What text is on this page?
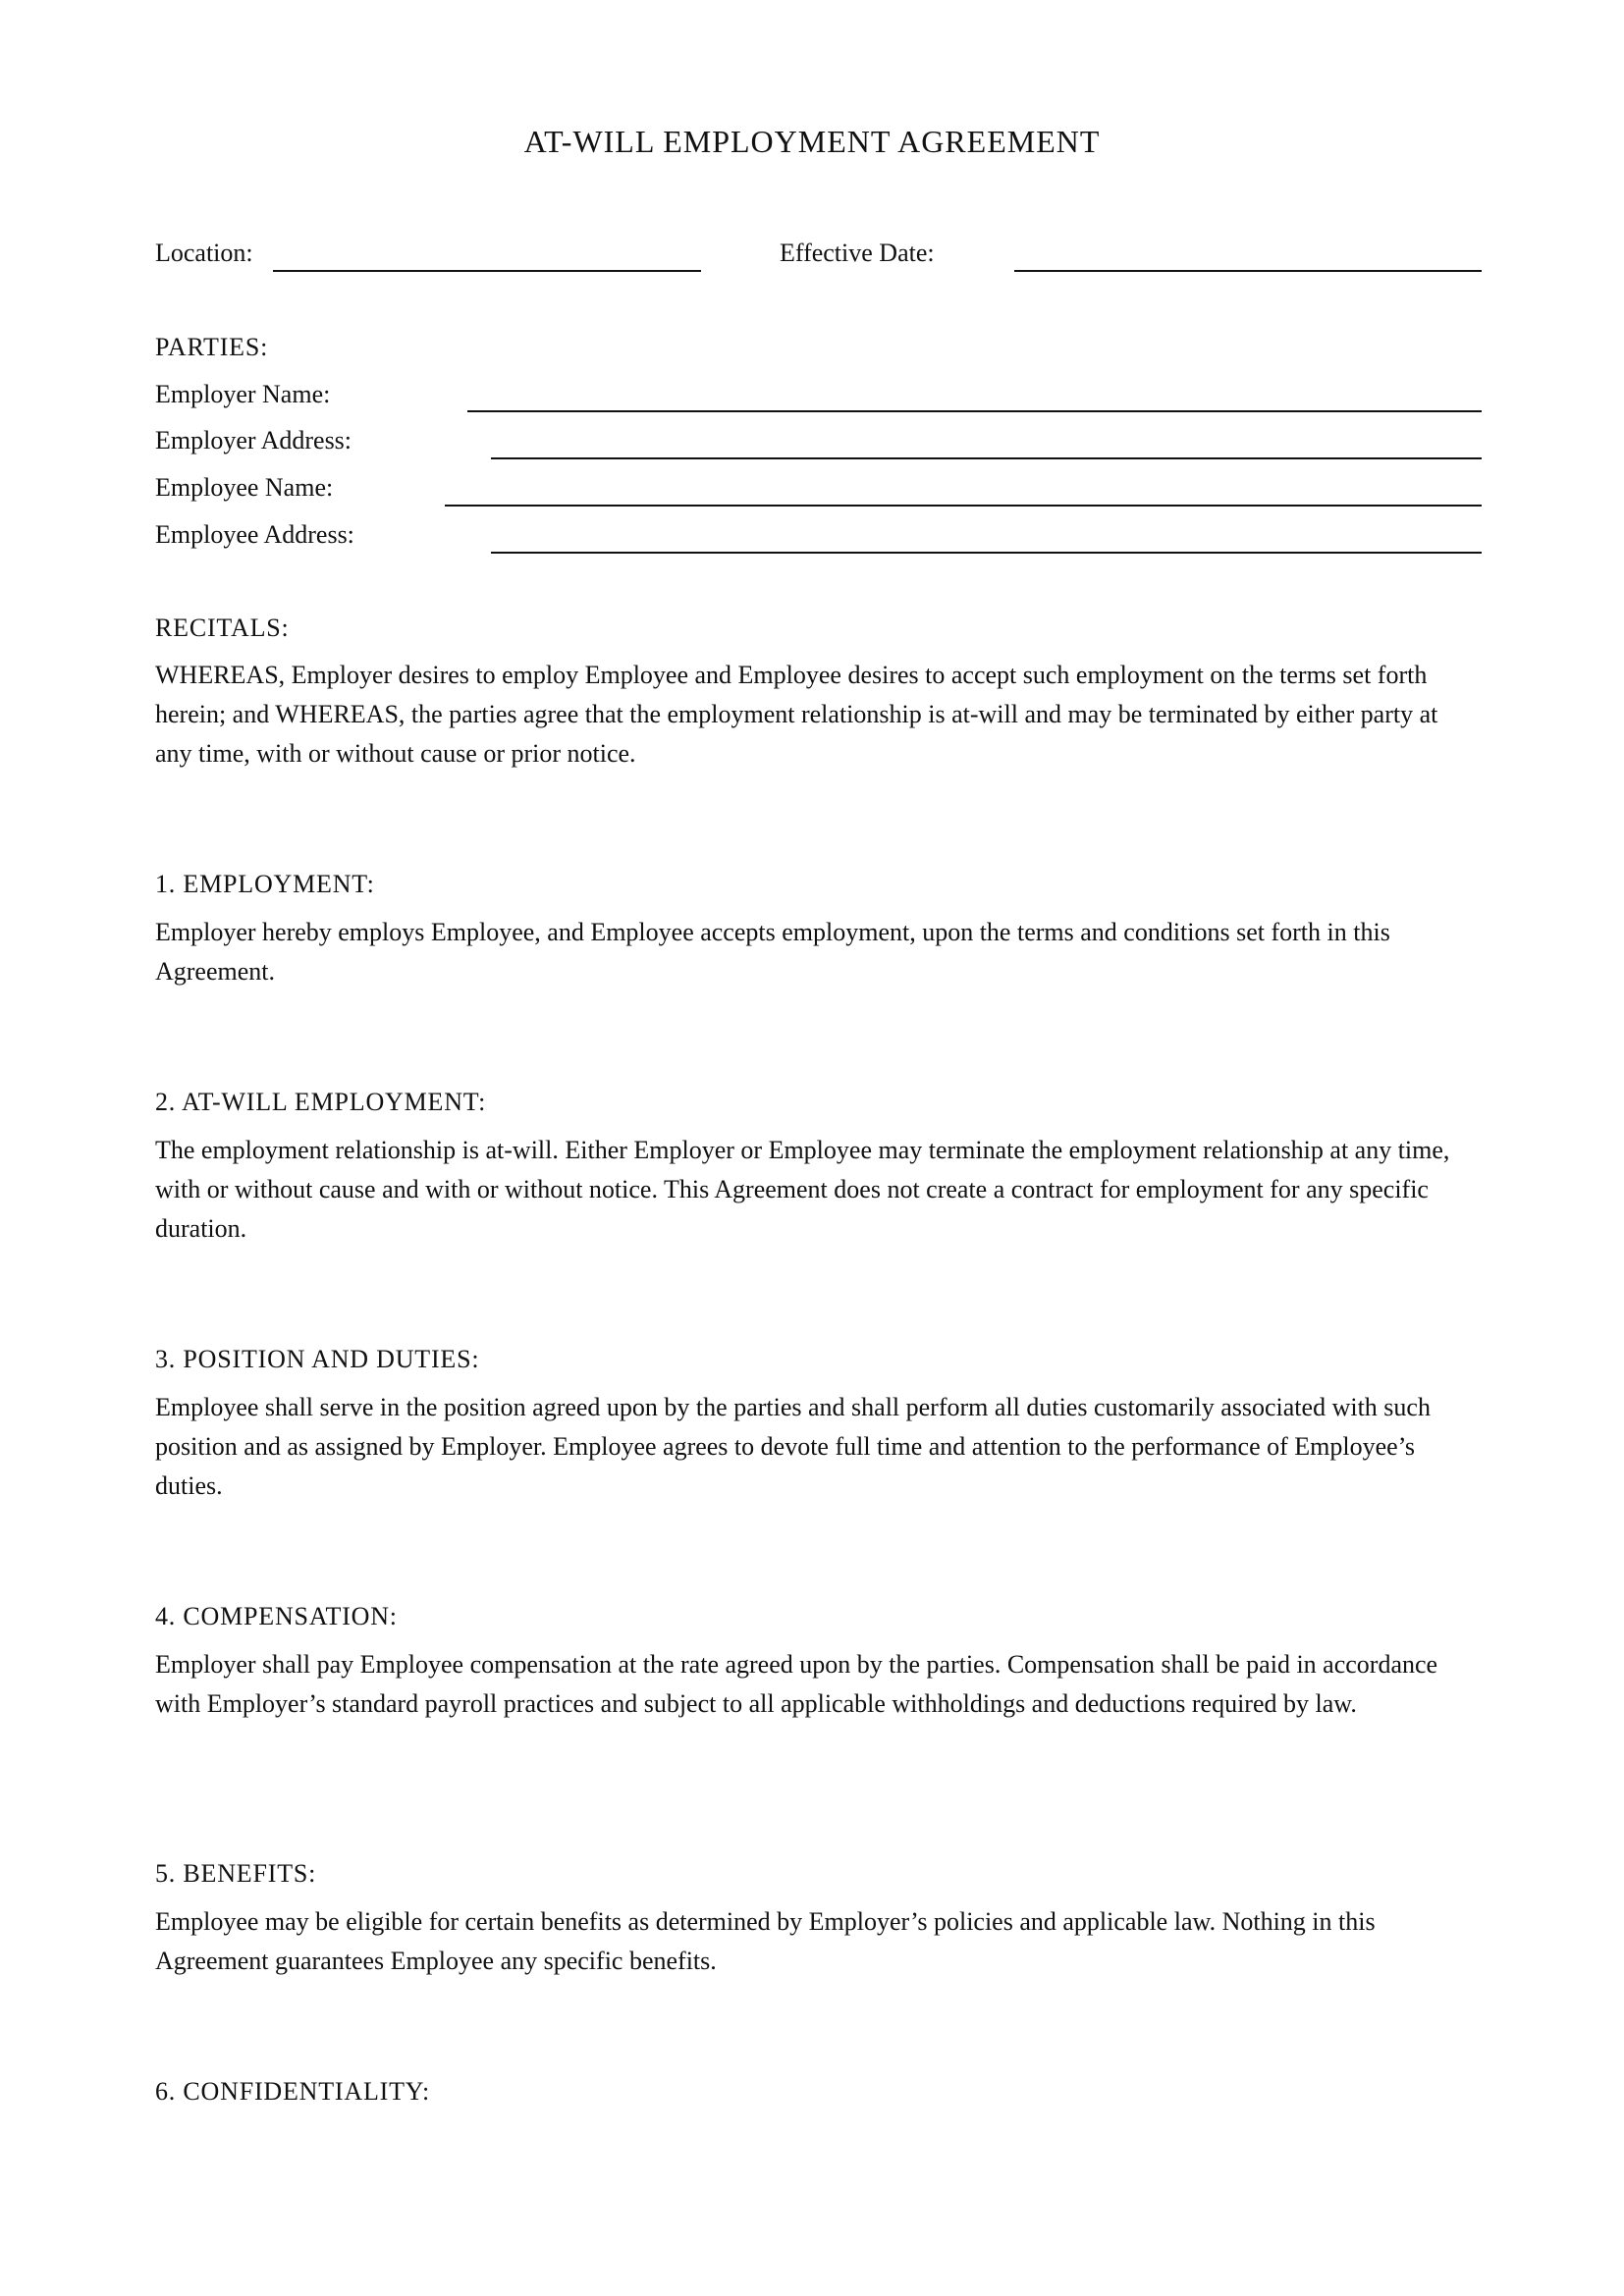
AT-WILL EMPLOYMENT AGREEMENT
Location:	Effective Date:
PARTIES:
Employer Name:
Employer Address:
Employee Name:
Employee Address:
RECITALS:
WHEREAS, Employer desires to employ Employee and Employee desires to accept such employment on the terms set forth herein; and WHEREAS, the parties agree that the employment relationship is at-will and may be terminated by either party at any time, with or without cause or prior notice.
1. EMPLOYMENT:
Employer hereby employs Employee, and Employee accepts employment, upon the terms and conditions set forth in this Agreement.
2. AT-WILL EMPLOYMENT:
The employment relationship is at-will. Either Employer or Employee may terminate the employment relationship at any time, with or without cause and with or without notice. This Agreement does not create a contract for employment for any specific duration.
3. POSITION AND DUTIES:
Employee shall serve in the position agreed upon by the parties and shall perform all duties customarily associated with such position and as assigned by Employer. Employee agrees to devote full time and attention to the performance of Employee’s duties.
4. COMPENSATION:
Employer shall pay Employee compensation at the rate agreed upon by the parties. Compensation shall be paid in accordance with Employer’s standard payroll practices and subject to all applicable withholdings and deductions required by law.
5. BENEFITS:
Employee may be eligible for certain benefits as determined by Employer’s policies and applicable law. Nothing in this Agreement guarantees Employee any specific benefits.
6. CONFIDENTIALITY:
